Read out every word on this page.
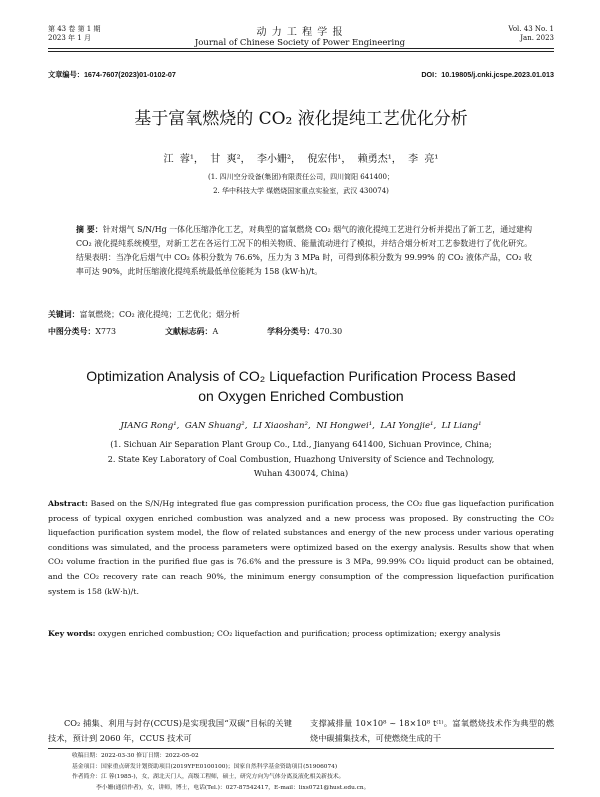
第 43 卷 第 1 期
2023 年 1 月	动 力 工 程 学 报
Journal of Chinese Society of Power Engineering
Vol. 43 No. 1
Jan. 2023
文章编号：1674-7607(2023)01-0102-07	DOI：10.19805/j.cnki.jcspe.2023.01.013
基于富氧燃烧的 CO₂ 液化提纯工艺优化分析
江  蓉¹，  甘  爽²，  李小姗²，  倪宏伟¹，  赖勇杰¹，  李  亮¹
(1. 四川空分设备(集团)有限责任公司，四川简阳 641400；
2. 华中科技大学 煤燃烧国家重点实验室，武汉 430074)
摘 要：针对烟气 S/N/Hg 一体化压缩净化工艺，对典型的富氧燃烧 CO₂ 烟气的液化提纯工艺进行分析并提出了新工艺，通过建构 CO₂ 液化提纯系统模型，对新工艺在各运行工况下的相关物质、能量流动进行了模拟，并结合烟分析对工艺参数进行了优化研究。结果表明：当净化后烟气中 CO₂ 体积分数为 76.6%，压力为 3 MPa 时，可得到体积分数为 99.99% 的 CO₂ 液体产品，CO₂ 收率可达 90%，此时压缩液化提纯系统最低单位能耗为 158 (kW·h)/t。
关键词：富氧燃烧；CO₂ 液化提纯；工艺优化；烟分析
中图分类号：X773	文献标志码：A	学科分类号：470.30
Optimization Analysis of CO₂ Liquefaction Purification Process Based on Oxygen Enriched Combustion
JIANG Rong¹,  GAN Shuang²,  LI Xiaoshan²,  NI Hongwei¹,  LAI Yongjie¹,  LI Liang¹
(1. Sichuan Air Separation Plant Group Co., Ltd., Jianyang 641400, Sichuan Province, China;
2. State Key Laboratory of Coal Combustion, Huazhong University of Science and Technology,
Wuhan 430074, China)
Abstract: Based on the S/N/Hg integrated flue gas compression purification process, the CO₂ flue gas liquefaction purification process of typical oxygen enriched combustion was analyzed and a new process was proposed. By constructing the CO₂ liquefaction purification system model, the flow of related substances and energy of the new process under various operating conditions was simulated, and the process parameters were optimized based on the exergy analysis. Results show that when CO₂ volume fraction in the purified flue gas is 76.6% and the pressure is 3 MPa, 99.99% CO₂ liquid product can be obtained, and the CO₂ recovery rate can reach 90%, the minimum energy consumption of the compression liquefaction purification system is 158 (kW·h)/t.
Key words: oxygen enriched combustion; CO₂ liquefaction and purification; process optimization; exergy analysis
CO₂ 捕集、利用与封存(CCUS)是实现我国“双碳”目标的关键技术，预计到 2060 年，CCUS 技术可
支撑减排量 10×10⁸ ~ 18×10⁸ t⁽¹⁾。富氧燃烧技术作为典型的燃烧中碳捕集技术，可使燃烧生成的干
收稿日期：2022-03-30 修订日期：2022-05-02
基金项目：国家重点研发计划资助项目(2019YFE0100100)；国家自然科学基金资助项目(51906074)
作者简介：江 蓉(1985-)，女，湖北天门人，高级工程师，硕士，研究方向为气体分离及液化相关新技术。
李小姗(通信作者)，女，讲师，博士，电话(Tel.)：027-87542417，E-mail：lixs0721@hust.edu.cn。
